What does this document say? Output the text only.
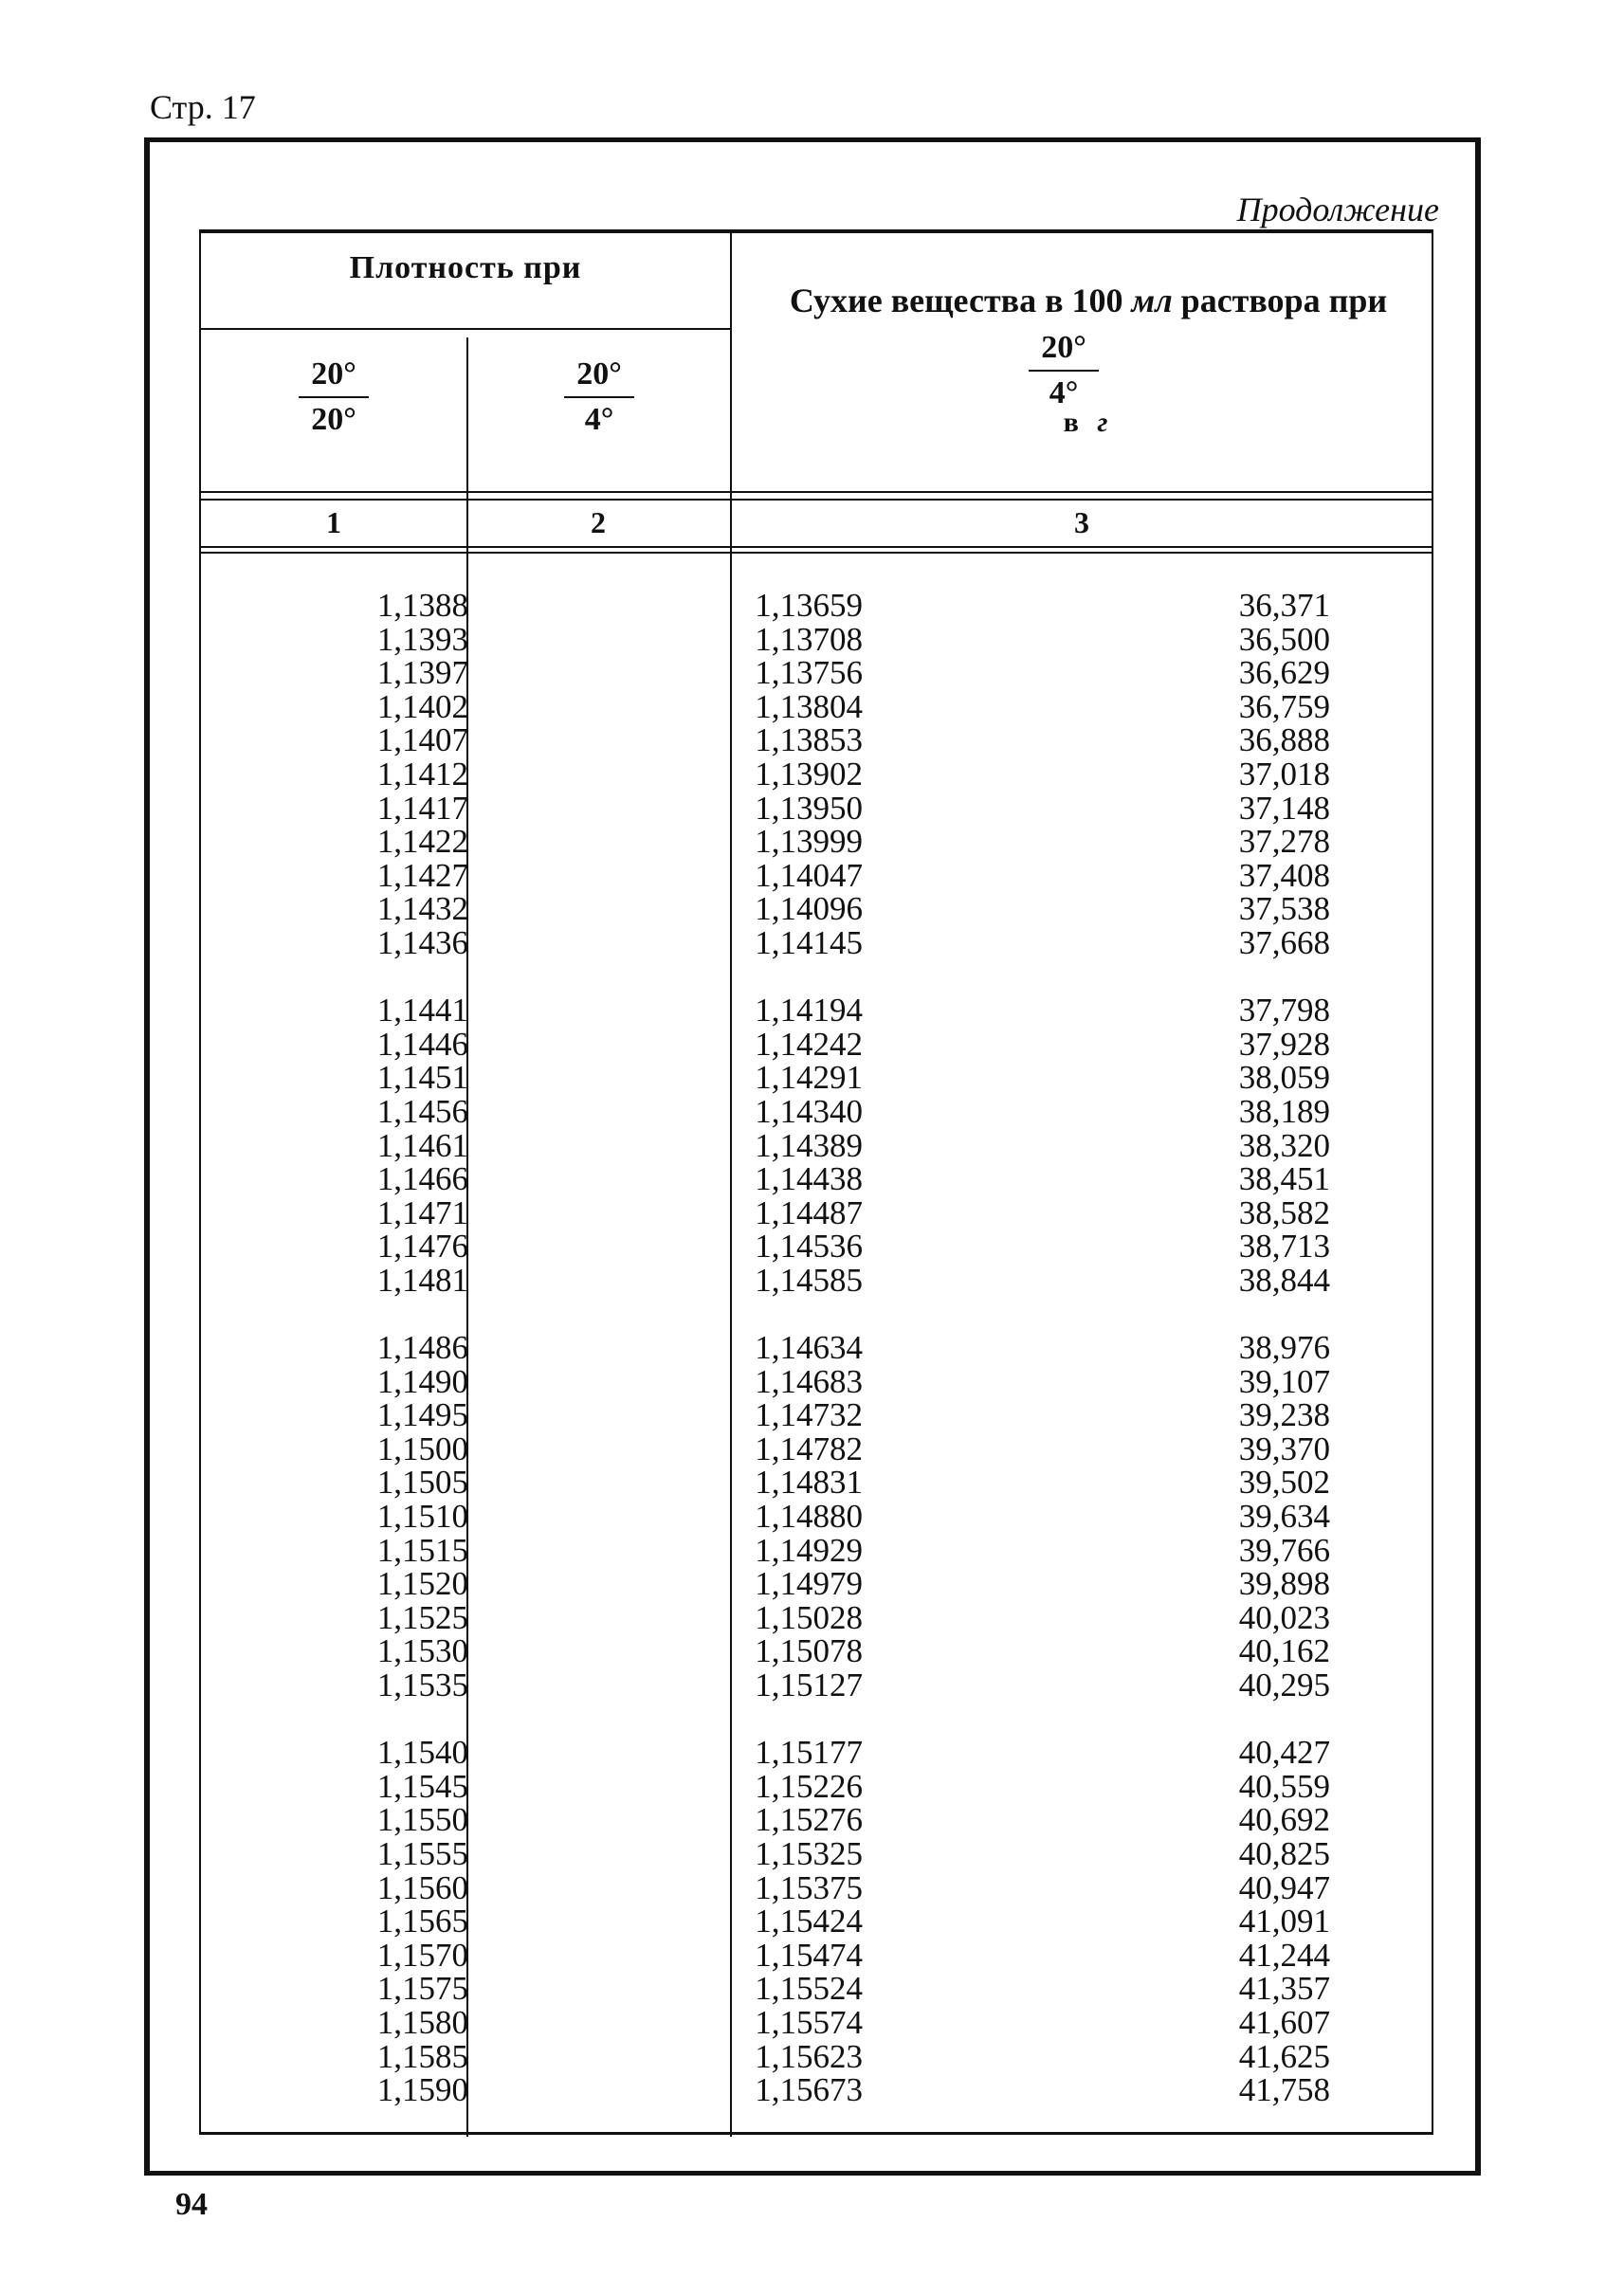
Стр. 17
Продолжение
Плотность при
20°
20°
20°
4°
Сухие вещества в 100 мл раствора при
20°
4°
в г
1	2	3
1,1388
1,1393
1,1397
1,1402
1,1407
1,1412
1,1417
1,1422
1,1427
1,1432
1,1436
1,1441
1,1446
1,1451
1,1456
1,1461
1,1466
1,1471
1,1476
1,1481
1,1486
1,1490
1,1495
1,1500
1,1505
1,1510
1,1515
1,1520
1,1525
1,1530
1,1535
1,1540
1,1545
1,1550
1,1555
1,1560
1,1565
1,1570
1,1575
1,1580
1,1585
1,1590
1,13659
1,13708
1,13756
1,13804
1,13853
1,13902
1,13950
1,13999
1,14047
1,14096
1,14145
1,14194
1,14242
1,14291
1,14340
1,14389
1,14438
1,14487
1,14536
1,14585
1,14634
1,14683
1,14732
1,14782
1,14831
1,14880
1,14929
1,14979
1,15028
1,15078
1,15127
1,15177
1,15226
1,15276
1,15325
1,15375
1,15424
1,15474
1,15524
1,15574
1,15623
1,15673
36,371
36,500
36,629
36,759
36,888
37,018
37,148
37,278
37,408
37,538
37,668
37,798
37,928
38,059
38,189
38,320
38,451
38,582
38,713
38,844
38,976
39,107
39,238
39,370
39,502
39,634
39,766
39,898
40,023
40,162
40,295
40,427
40,559
40,692
40,825
40,947
41,091
41,244
41,357
41,607
41,625
41,758
94
